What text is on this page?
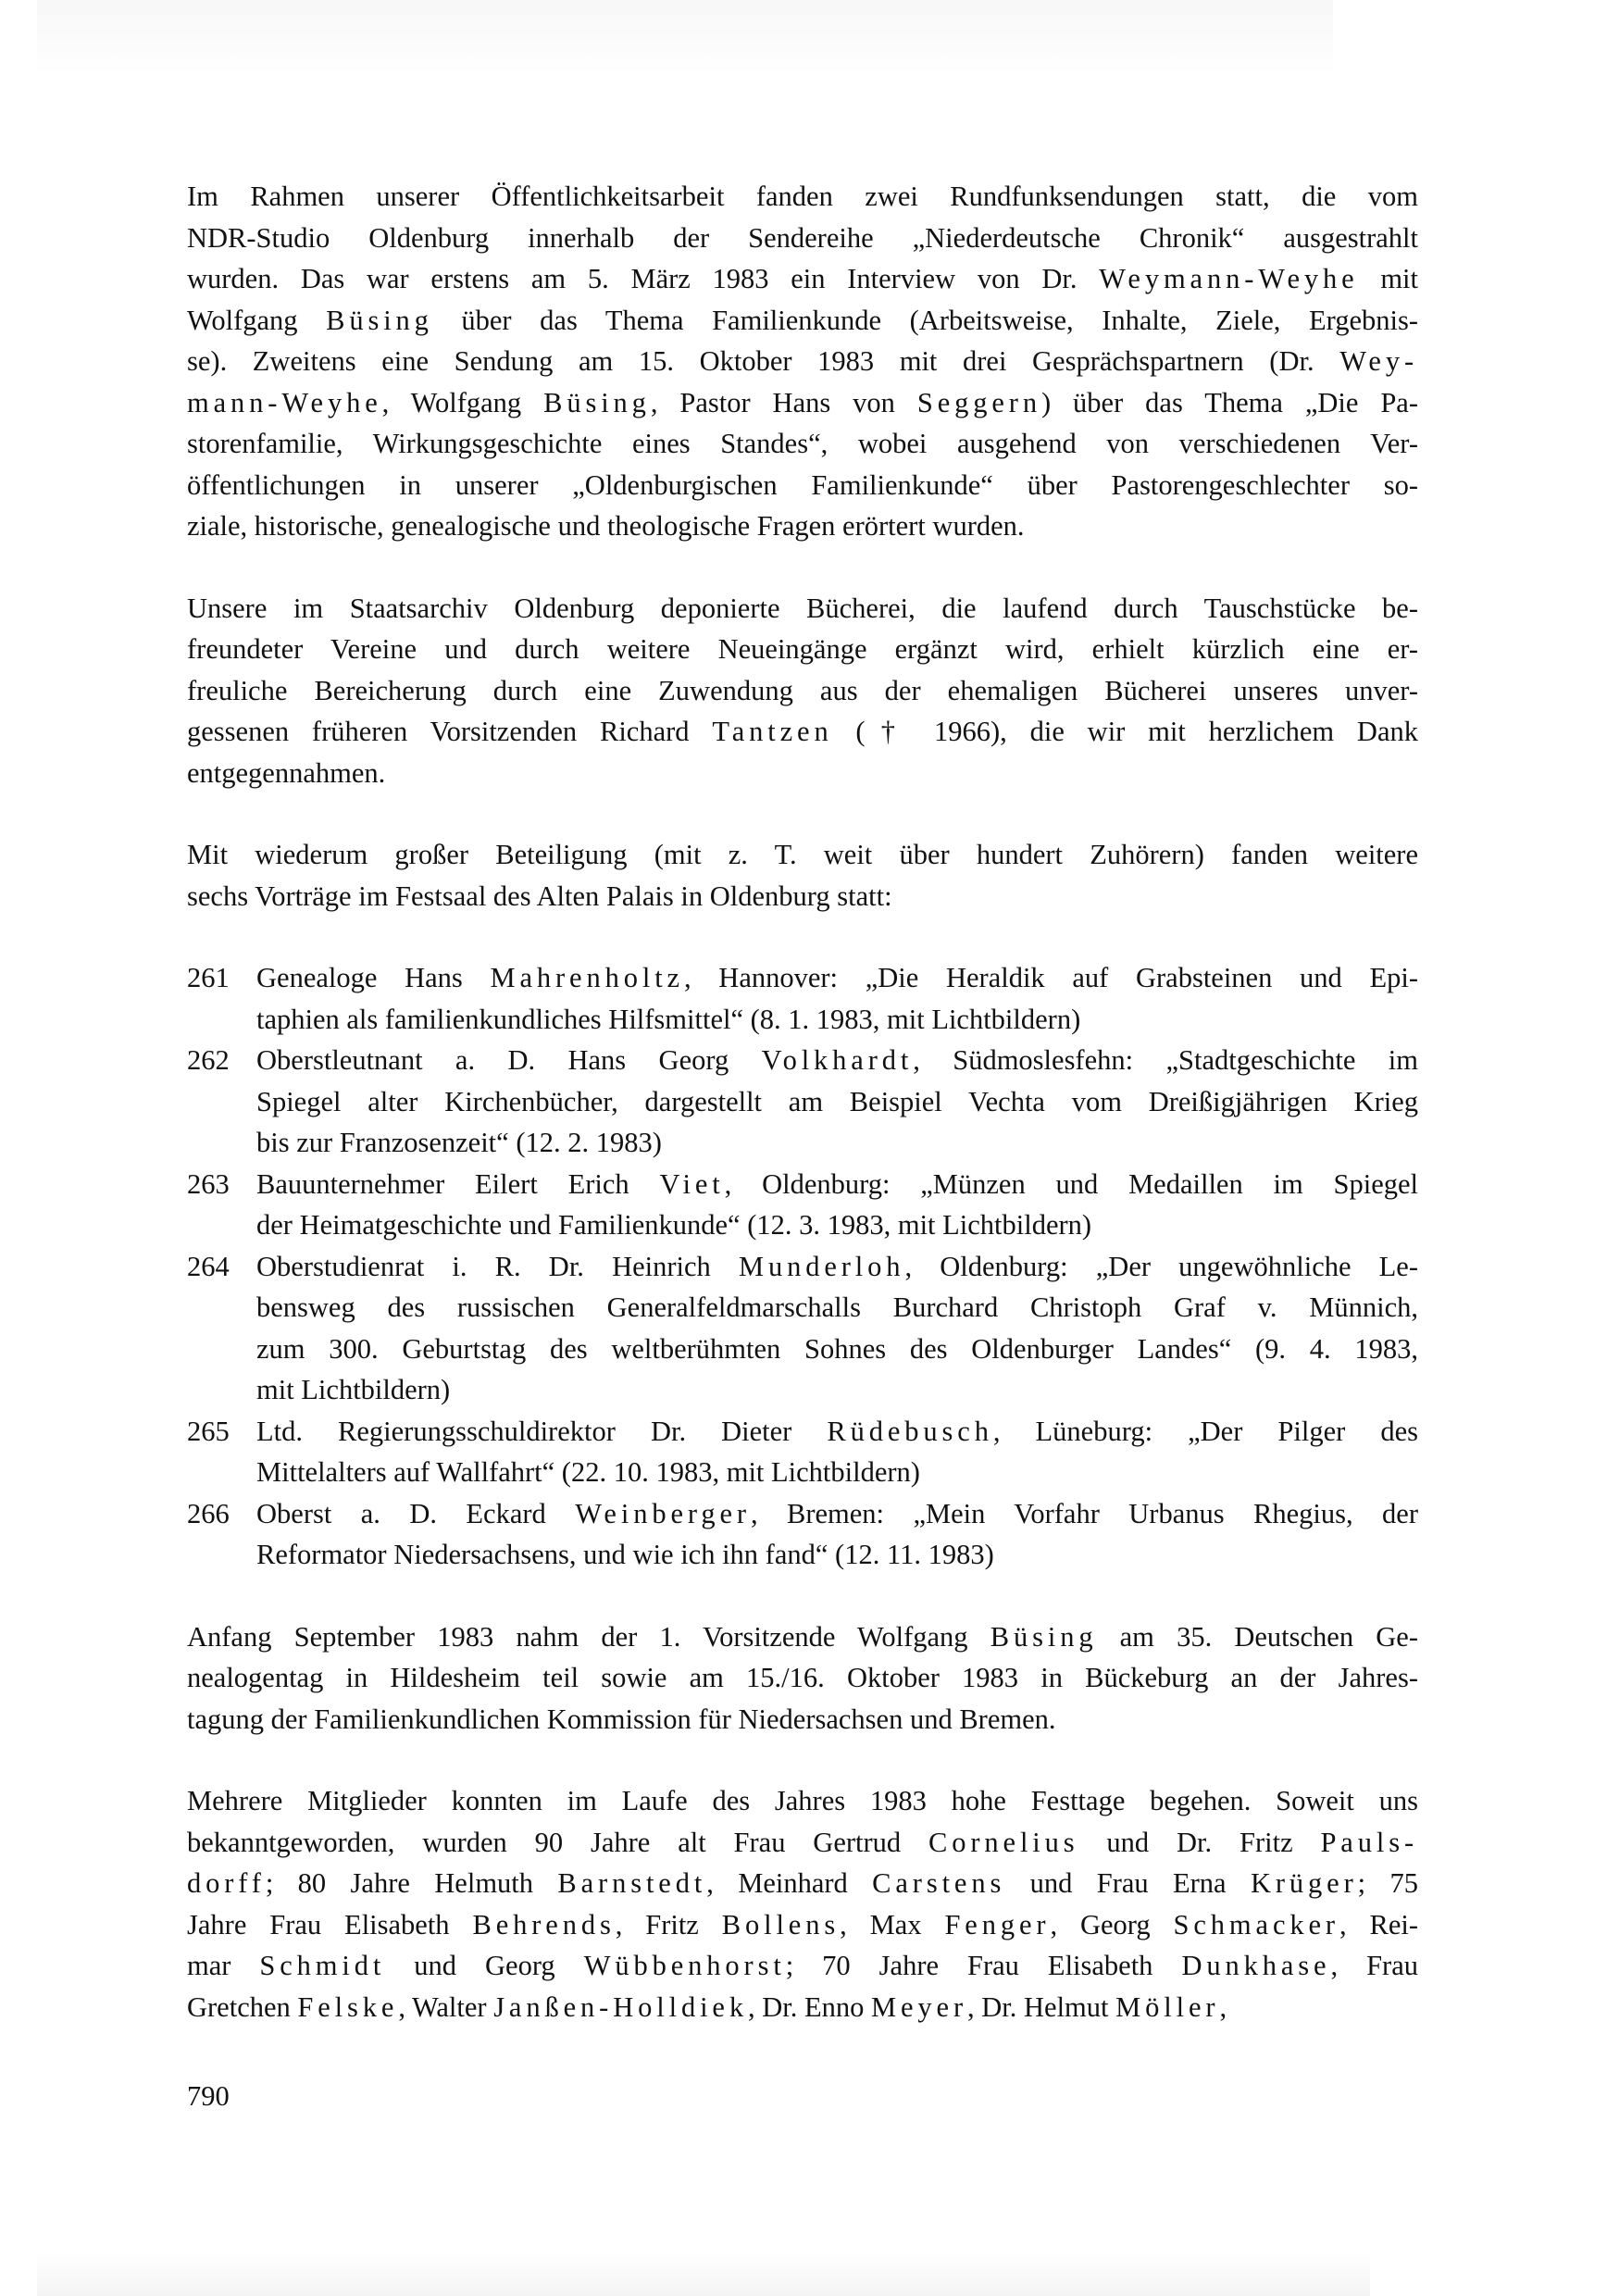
Im Rahmen unserer Öffentlichkeitsarbeit fanden zwei Rundfunksendungen statt, die vom
NDR-Studio Oldenburg innerhalb der Sendereihe „Niederdeutsche Chronik“ ausgestrahlt
wurden. Das war erstens am 5. März 1983 ein Interview von Dr. Weymann-Weyhe mit
Wolfgang Büsing über das Thema Familienkunde (Arbeitsweise, Inhalte, Ziele, Ergebnis-
se). Zweitens eine Sendung am 15. Oktober 1983 mit drei Gesprächspartnern (Dr. Wey-
mann-Weyhe, Wolfgang Büsing, Pastor Hans von Seggern) über das Thema „Die Pa-
storenfamilie, Wirkungsgeschichte eines Standes“, wobei ausgehend von verschiedenen Ver-
öffentlichungen in unserer „Oldenburgischen Familienkunde“ über Pastorengeschlechter so-
ziale, historische, genealogische und theologische Fragen erörtert wurden.

Unsere im Staatsarchiv Oldenburg deponierte Bücherei, die laufend durch Tauschstücke be-
freundeter Vereine und durch weitere Neueingänge ergänzt wird, erhielt kürzlich eine er-
freuliche Bereicherung durch eine Zuwendung aus der ehemaligen Bücherei unseres unver-
gessenen früheren Vorsitzenden Richard Tantzen († 1966), die wir mit herzlichem Dank
entgegennahmen.

Mit wiederum großer Beteiligung (mit z. T. weit über hundert Zuhörern) fanden weitere
sechs Vorträge im Festsaal des Alten Palais in Oldenburg statt:

261 Genealoge Hans Mahrenholtz, Hannover: „Die Heraldik auf Grabsteinen und Epi-
taphien als familienkundliches Hilfsmittel“ (8. 1. 1983, mit Lichtbildern)
262 Oberstleutnant a. D. Hans Georg Volkhardt, Südmoslesfehn: „Stadtgeschichte im
Spiegel alter Kirchenbücher, dargestellt am Beispiel Vechta vom Dreißigjährigen Krieg
bis zur Franzosenzeit“ (12. 2. 1983)
263 Bauunternehmer Eilert Erich Viet, Oldenburg: „Münzen und Medaillen im Spiegel
der Heimatgeschichte und Familienkunde“ (12. 3. 1983, mit Lichtbildern)
264 Oberstudienrat i. R. Dr. Heinrich Munderloh, Oldenburg: „Der ungewöhnliche Le-
bensweg des russischen Generalfeldmarschalls Burchard Christoph Graf v. Münnich,
zum 300. Geburtstag des weltberühmten Sohnes des Oldenburger Landes“ (9. 4. 1983,
mit Lichtbildern)
265 Ltd. Regierungsschuldirektor Dr. Dieter Rüdebusch, Lüneburg: „Der Pilger des
Mittelalters auf Wallfahrt“ (22. 10. 1983, mit Lichtbildern)
266 Oberst a. D. Eckard Weinberger, Bremen: „Mein Vorfahr Urbanus Rhegius, der
Reformator Niedersachsens, und wie ich ihn fand“ (12. 11. 1983)

Anfang September 1983 nahm der 1. Vorsitzende Wolfgang Büsing am 35. Deutschen Ge-
nealogentag in Hildesheim teil sowie am 15./16. Oktober 1983 in Bückeburg an der Jahres-
tagung der Familienkundlichen Kommission für Niedersachsen und Bremen.

Mehrere Mitglieder konnten im Laufe des Jahres 1983 hohe Festtage begehen. Soweit uns
bekanntgeworden, wurden 90 Jahre alt Frau Gertrud Cornelius und Dr. Fritz Pauls-
dorff; 80 Jahre Helmuth Barnstedt, Meinhard Carstens und Frau Erna Krüger; 75
Jahre Frau Elisabeth Behrends, Fritz Bollens, Max Fenger, Georg Schmacker, Rei-
mar Schmidt und Georg Wübbenhorst; 70 Jahre Frau Elisabeth Dunkhase, Frau
Gretchen Felske, Walter Janßen-Holldiek, Dr. Enno Meyer, Dr. Helmut Möller,

790
